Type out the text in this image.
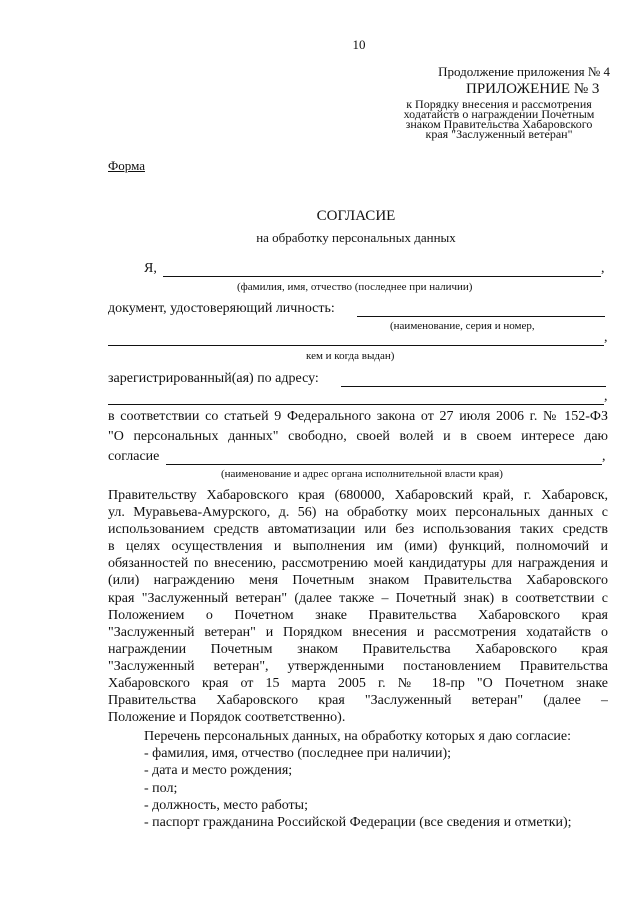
10
Продолжение приложения № 4
ПРИЛОЖЕНИЕ № 3
к Порядку внесения и рассмотрения ходатайств о награждении Почетным знаком Правительства Хабаровского края "Заслуженный ветеран"
Форма
СОГЛАСИЕ
на обработку персональных данных
Я,	,
(фамилия, имя, отчество (последнее при наличии)
документ, удостоверяющий личность:
(наименование, серия и номер,
,
кем и когда выдан)
зарегистрированный(ая) по адресу:
,
в соответствии со статьей 9 Федерального закона от 27 июля 2006 г. № 152-ФЗ
"О персональных данных" свободно, своей волей и в своем интересе даю
согласие	,
(наименование и адрес органа исполнительной власти края)
Правительству Хабаровского края (680000, Хабаровский край, г. Хабаровск,
ул. Муравьева-Амурского, д. 56) на обработку моих персональных данных с
использованием средств автоматизации или без использования таких средств
в целях осуществления и выполнения им (ими) функций, полномочий и
обязанностей по внесению, рассмотрению моей кандидатуры для награждения и
(или) награждению меня Почетным знаком Правительства Хабаровского
края "Заслуженный ветеран" (далее также – Почетный знак) в соответствии с
Положением о Почетном знаке Правительства Хабаровского края
"Заслуженный ветеран" и Порядком внесения и рассмотрения ходатайств о
награждении Почетным знаком Правительства Хабаровского края
"Заслуженный ветеран", утвержденными постановлением Правительства
Хабаровского края от 15 марта 2005 г. № 18-пр "О Почетном знаке
Правительства Хабаровского края "Заслуженный ветеран" (далее –
Положение и Порядок соответственно).
Перечень персональных данных, на обработку которых я даю согласие:
- фамилия, имя, отчество (последнее при наличии);
- дата и место рождения;
- пол;
- должность, место работы;
- паспорт гражданина Российской Федерации (все сведения и отметки);
